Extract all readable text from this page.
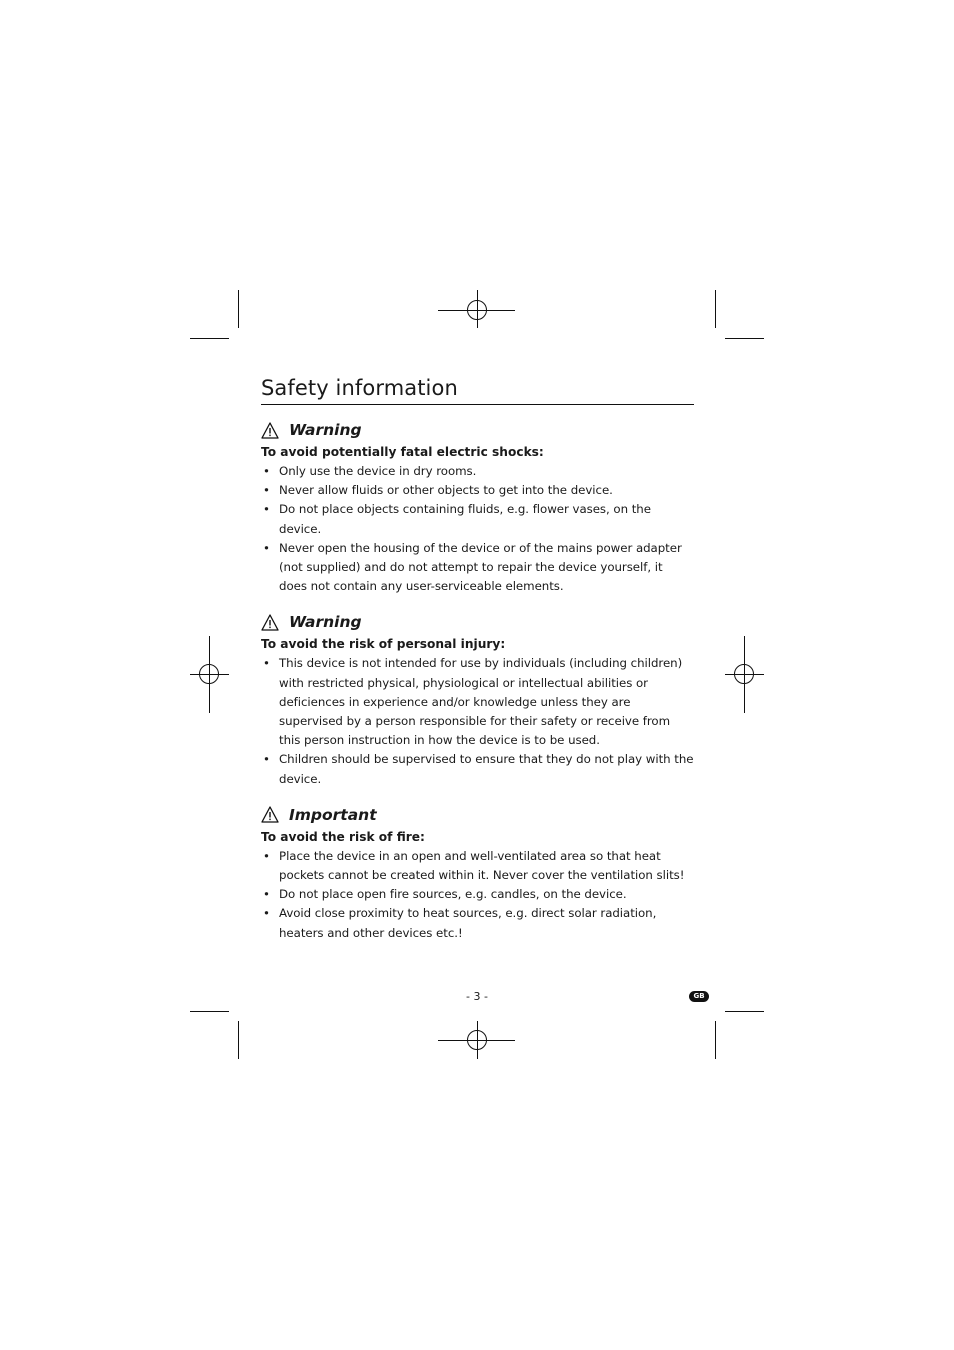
Safety information
Warning
To avoid potentially fatal electric shocks:
• Only use the device in dry rooms.
• Never allow fluids or other objects to get into the device.
• Do not place objects containing fluids, e.g. flower vases, on the device.
• Never open the housing of the device or of the mains power adapter (not supplied) and do not attempt to repair the device yourself, it does not contain any user-serviceable elements.
Warning
To avoid the risk of personal injury:
• This device is not intended for use by individuals (including children) with restricted physical, physiological or intellectual abilities or deficiences in experience and/or knowledge unless they are supervised by a person responsible for their safety or receive from this person instruction in how the device is to be used.
• Children should be supervised to ensure that they do not play with the device.
Important
To avoid the risk of fire:
• Place the device in an open and well-ventilated area so that heat pockets cannot be created within it. Never cover the ventilation slits!
• Do not place open fire sources, e.g. candles, on the device.
• Avoid close proximity to heat sources, e.g. direct solar radiation, heaters and other devices etc.!
- 3 -	GB
